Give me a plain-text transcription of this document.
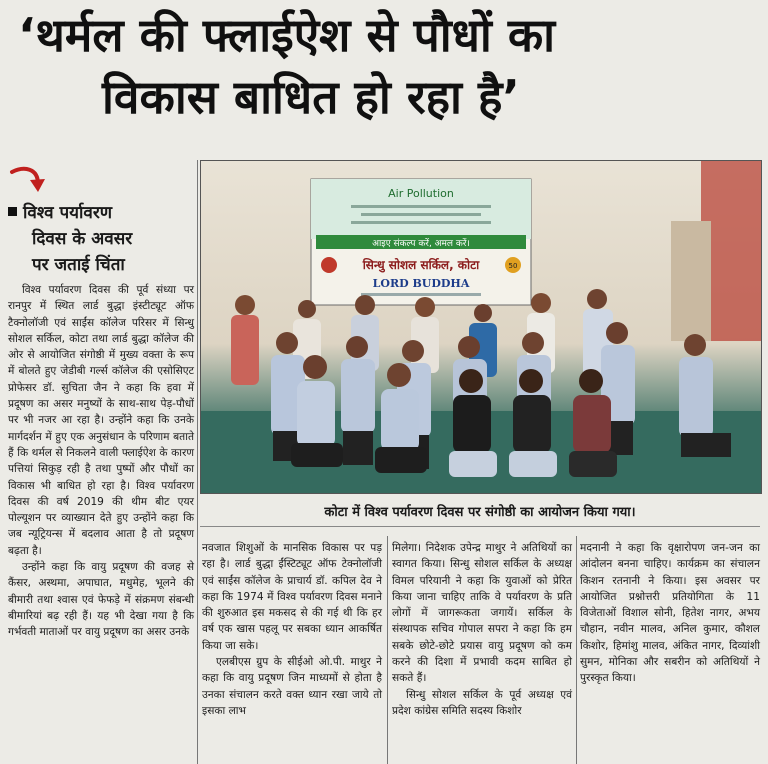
‘थर्मल की फ्लाईऐश से पौधों का
विकास बाधित हो रहा है’
विश्व पर्यावरण
दिवस के अवसर
पर जताई चिंता
Air Pollution
आइए संकल्प करें, अमल करें।
50
सिन्धु सोशल सर्किल, कोटा
LORD BUDDHA
कोटा में विश्व पर्यावरण दिवस पर संगोष्ठी का आयोजन किया गया।

विश्व पर्यावरण दिवस की पूर्व संध्या पर रानपुर में स्थित लार्ड बुद्धा इंस्टीट्यूट ऑफ टैक्नोलॉजी एवं साईंस कॉलेज परिसर में सिन्धु सोशल सर्किल, कोटा तथा लार्ड बुद्धा कॉलेज की ओर से आयोजित संगोष्ठी में मुख्य वक्ता के रूप में बोलते हुए जेडीबी गर्ल्स कॉलेज की एसोसिएट प्रोफेसर डॉ. सुचिता जैन ने कहा कि हवा में प्रदूषण का असर मनुष्यों के साथ-साथ पेड़-पौधों पर भी नजर आ रहा है। उन्होंने कहा कि उनके मार्गदर्शन में हुए एक अनुसंधान के परिणाम बताते हैं कि थर्मल से निकलने वाली फ्लाईऐश के कारण पत्तियां सिकुड़ रही है तथा पुष्पों और पौधों का विकास भी बाधित हो रहा है। विश्व पर्यावरण दिवस की वर्ष 2019 की थीम बीट एयर पोल्यूशन पर व्याख्यान देते हुए उन्होंने कहा कि जब न्यूट्रियन्स में बदलाव आता है तो प्रदूषण बढ़ता है।

उन्होंने कहा कि वायु प्रदूषण की वजह से कैंसर, अस्थमा, अपाघात, मधुमेह, भूलने की बीमारी तथा श्वास एवं फेफड़े में संक्रमण संबन्धी बीमारियां बढ़ रही हैं। यह भी देखा गया है कि गर्भवती माताओं पर वायु प्रदूषण का असर उनके

नवजात शिशुओं के मानसिक विकास पर पड़ रहा है। लार्ड बुद्धा ईंस्टिट्यूट ऑफ टेक्नोलॉजी एवं साईंस कॉलेज के प्राचार्य डॉ. कपिल देव ने कहा कि 1974 में विश्व पर्यावरण दिवस मनाने की शुरुआत इस मकसद से की गई थी कि हर वर्ष एक खास पहलू पर सबका ध्यान आकर्षित किया जा सके।

एलबीएस ग्रुप के सीईओ ओ.पी. माथुर ने कहा कि वायु प्रदूषण जिन माध्यमों से होता है उनका संचालन करते वक्त ध्यान रखा जाये तो इसका लाभ

मिलेगा। निदेशक उपेन्द्र माथुर ने अतिथियों का स्वागत किया। सिन्धु सोशल सर्किल के अध्यक्ष विमल परियानी ने कहा कि युवाओं को प्रेरित किया जाना चाहिए ताकि वे पर्यावरण के प्रति लोगों में जागरूकता जगायें। सर्किल के संस्थापक सचिव गोपाल सपरा ने कहा कि हम सबके छोटे-छोटे प्रयास वायु प्रदूषण को कम करने की दिशा में प्रभावी कदम साबित हो सकते हैं।

सिन्धु सोशल सर्किल के पूर्व अध्यक्ष एवं प्रदेश कांग्रेस समिति सदस्य किशोर

मदनानी ने कहा कि वृक्षारोपण जन-जन का आंदोलन बनना चाहिए। कार्यक्रम का संचालन किशन रतनानी ने किया। इस अवसर पर आयोजित प्रश्नोत्तरी प्रतियोगिता के 11 विजेताओं विशाल सोनी, हितेश नागर, अभय चौहान, नवीन मालव, अनिल कुमार, कौशल किशोर, हिमांशु मालव, अंकित नागर, दिव्यांशी सुमन, मोनिका और सबरीन को अतिथियों ने पुरस्कृत किया।
